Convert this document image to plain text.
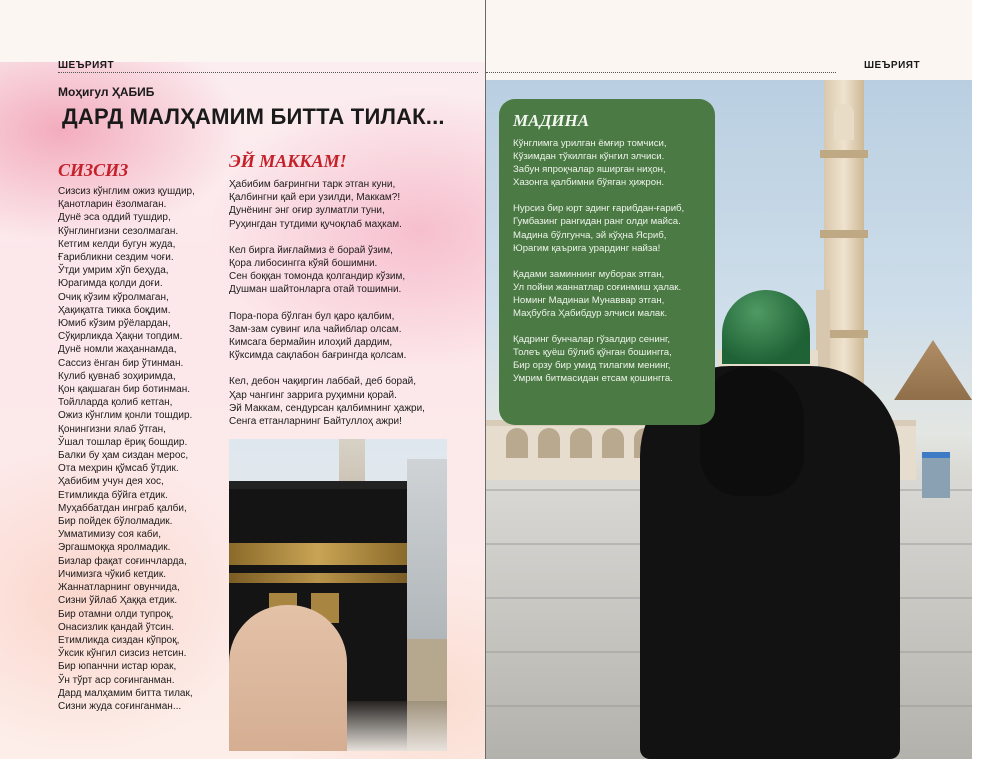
ШЕЪРИЯТ
Моҳигул ҲАБИБ
ДАРД МАЛҲАМИМ БИТТА ТИЛАК...
СИЗСИЗ
Сизсиз кўнглим ожиз қушдир,
Қанотларин ёзолмаган.
Дунё эса оддий тушдир,
Кўнглингизни сезолмаган.
Кетгим келди бугун жуда,
Ғарибликни сездим чоғи.
Ўтди умрим хўп беҳуда,
Юрагимда қолди доғи.
Очиқ кўзим кўролмаган,
Ҳақиқатга тикка боқдим.
Юмиб кўзим рўёлардан,
Сўқирликда Ҳақни топдим.
Дунё номли жаҳаннамда,
Сассиз ёнган бир ўтинман.
Кулиб қувнаб зоҳиримда,
Қон қақшаган бир ботинман.
Тойлларда қолиб кетган,
Ожиз кўнглим қонли тошдир.
Қонингизни ялаб ўтган,
Ўшал тошлар ёриқ бошдир.
Балки бу ҳам сиздан мерос,
Ота меҳрин қўмсаб ўтдик.
Ҳабибим учун дея хос,
Етимликда бўйга етдик.
Муҳаббатдан инграб қалби,
Бир пойдек бўлолмадик.
Умматимизу соя каби,
Эргашмоққа яролмадик.
Бизлар фақат соғинчларда,
Ичимизга чўкиб кетдик.
Жаннатларнинг овунчида,
Сизни ўйлаб Ҳаққа етдик.
Бир отамни олди тупроқ,
Онасизлик қандай ўтсин.
Етимликда сиздан кўпроқ,
Ўксик кўнгил сизсиз нетсин.
Бир юпанчни истар юрак,
Ўн тўрт аср соғинганман.
Дард малҳамим битта тилак,
Сизни жуда соғинганман...
ЭЙ МАККАМ!
Ҳабибим бағрингни тарк этган куни,
Қалбингни қай ери узилди, Маккам?!
Дунёнинг энг оғир зулматли туни,
Руҳингдан тутдими қучоқлаб маҳкам.
Кел бирга йиғлаймиз ё борай ўзим,
Қора либосингга кўяй бошимни.
Сен боққан томонда қолгандир кўзим,
Душман шайтонларга отай тошимни.
Пора-пора бўлган бул қаро қалбим,
Зам-зам сувинг ила чайиблар олсам.
Кимсага бермайин илоҳий дардим,
Кўксимда сақлабон бағрингда қолсам.
Кел, дебон чақиргин лаббай, деб борай,
Ҳар чангинг заррига руҳимни қорай.
Эй Маккам, сендурсан қалбимнинг ҳажри,
Сенга етганларнинг Байтуллоҳ ажри!
ШЕЪРИЯТ
МАДИНА
Кўнглимга урилган ёмғир томчиси,
Кўзимдан тўкилган кўнгил элчиси.
Забун япроқчалар яширган ниҳон,
Хазонга қалбимни бўяган ҳижрон.
Нурсиз бир юрт эдинг ғарибдан-ғариб,
Гумбазинг рангидан ранг олди майса.
Мадина бўлгунча, эй кўҳна Ясриб,
Юрагим қаърига урардинг найза!
Қадами заминнинг муборак этган,
Ул пойни жаннатлар соғинмиш ҳалак.
Номинг Мадинаи Мунаввар этган,
Маҳбубга Ҳабибдур элчиси малак.
Қадринг бунчалар гўзалдир сенинг,
Толеъ қуёш бўлиб қўнган бошингга,
Бир орзу бир умид тилагим менинг,
Умрим битмасидан етсам қошингга.
